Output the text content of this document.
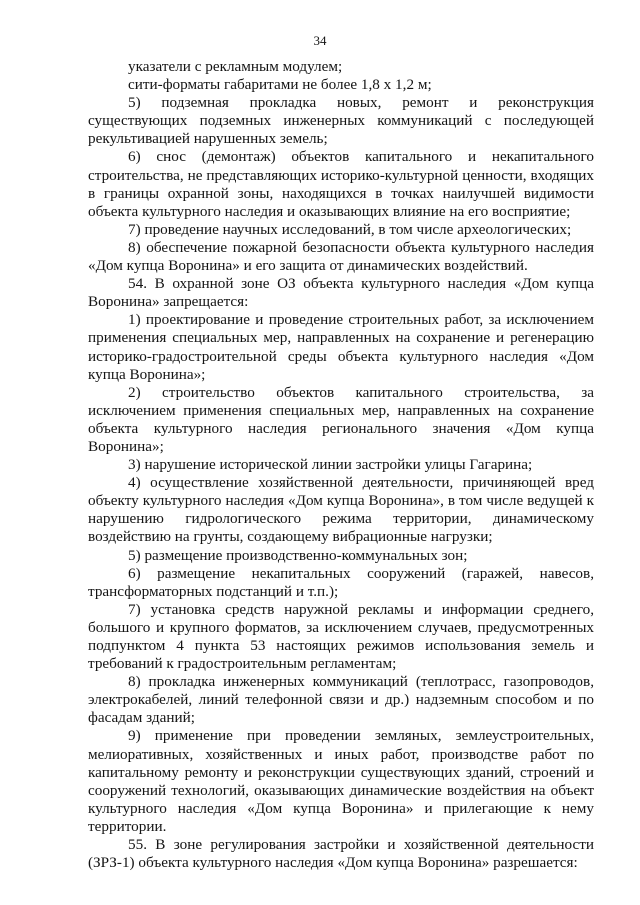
34

указатели с рекламным модулем;

сити-форматы габаритами не более 1,8 х 1,2 м;

5) подземная прокладка новых, ремонт и реконструкция существующих подземных инженерных коммуникаций с последующей рекультивацией нарушенных земель;

6) снос (демонтаж) объектов капитального и некапитального строительства, не представляющих историко-культурной ценности, входящих в границы охранной зоны, находящихся в точках наилучшей видимости объекта культурного наследия и оказывающих влияние на его восприятие;

7) проведение научных исследований, в том числе археологических;

8) обеспечение пожарной безопасности объекта культурного наследия «Дом купца Воронина» и его защита от динамических воздействий.

54. В охранной зоне ОЗ объекта культурного наследия «Дом купца Воронина» запрещается:

1) проектирование и проведение строительных работ, за исключением применения специальных мер, направленных на сохранение и регенерацию историко-градостроительной среды объекта культурного наследия «Дом купца Воронина»;

2) строительство объектов капитального строительства, за исключением применения специальных мер, направленных на сохранение объекта культурного наследия регионального значения «Дом купца Воронина»;

3) нарушение исторической линии застройки улицы Гагарина;

4) осуществление хозяйственной деятельности, причиняющей вред объекту культурного наследия «Дом купца Воронина», в том числе ведущей к нарушению гидрологического режима территории, динамическому воздействию на грунты, создающему вибрационные нагрузки;

5) размещение производственно-коммунальных зон;

6) размещение некапитальных сооружений (гаражей, навесов, трансформаторных подстанций и т.п.);

7) установка средств наружной рекламы и информации среднего, большого и крупного форматов, за исключением случаев, предусмотренных подпунктом 4 пункта 53 настоящих режимов использования земель и требований к градостроительным регламентам;

8) прокладка инженерных коммуникаций (теплотрасс, газопроводов, электрокабелей, линий телефонной связи и др.) надземным способом и по фасадам зданий;

9) применение при проведении земляных, землеустроительных, мелиоративных, хозяйственных и иных работ, производстве работ по капитальному ремонту и реконструкции существующих зданий, строений и сооружений технологий, оказывающих динамические воздействия на объект культурного наследия «Дом купца Воронина» и прилегающие к нему территории.

55. В зоне регулирования застройки и хозяйственной деятельности (ЗРЗ-1) объекта культурного наследия «Дом купца Воронина» разрешается:
